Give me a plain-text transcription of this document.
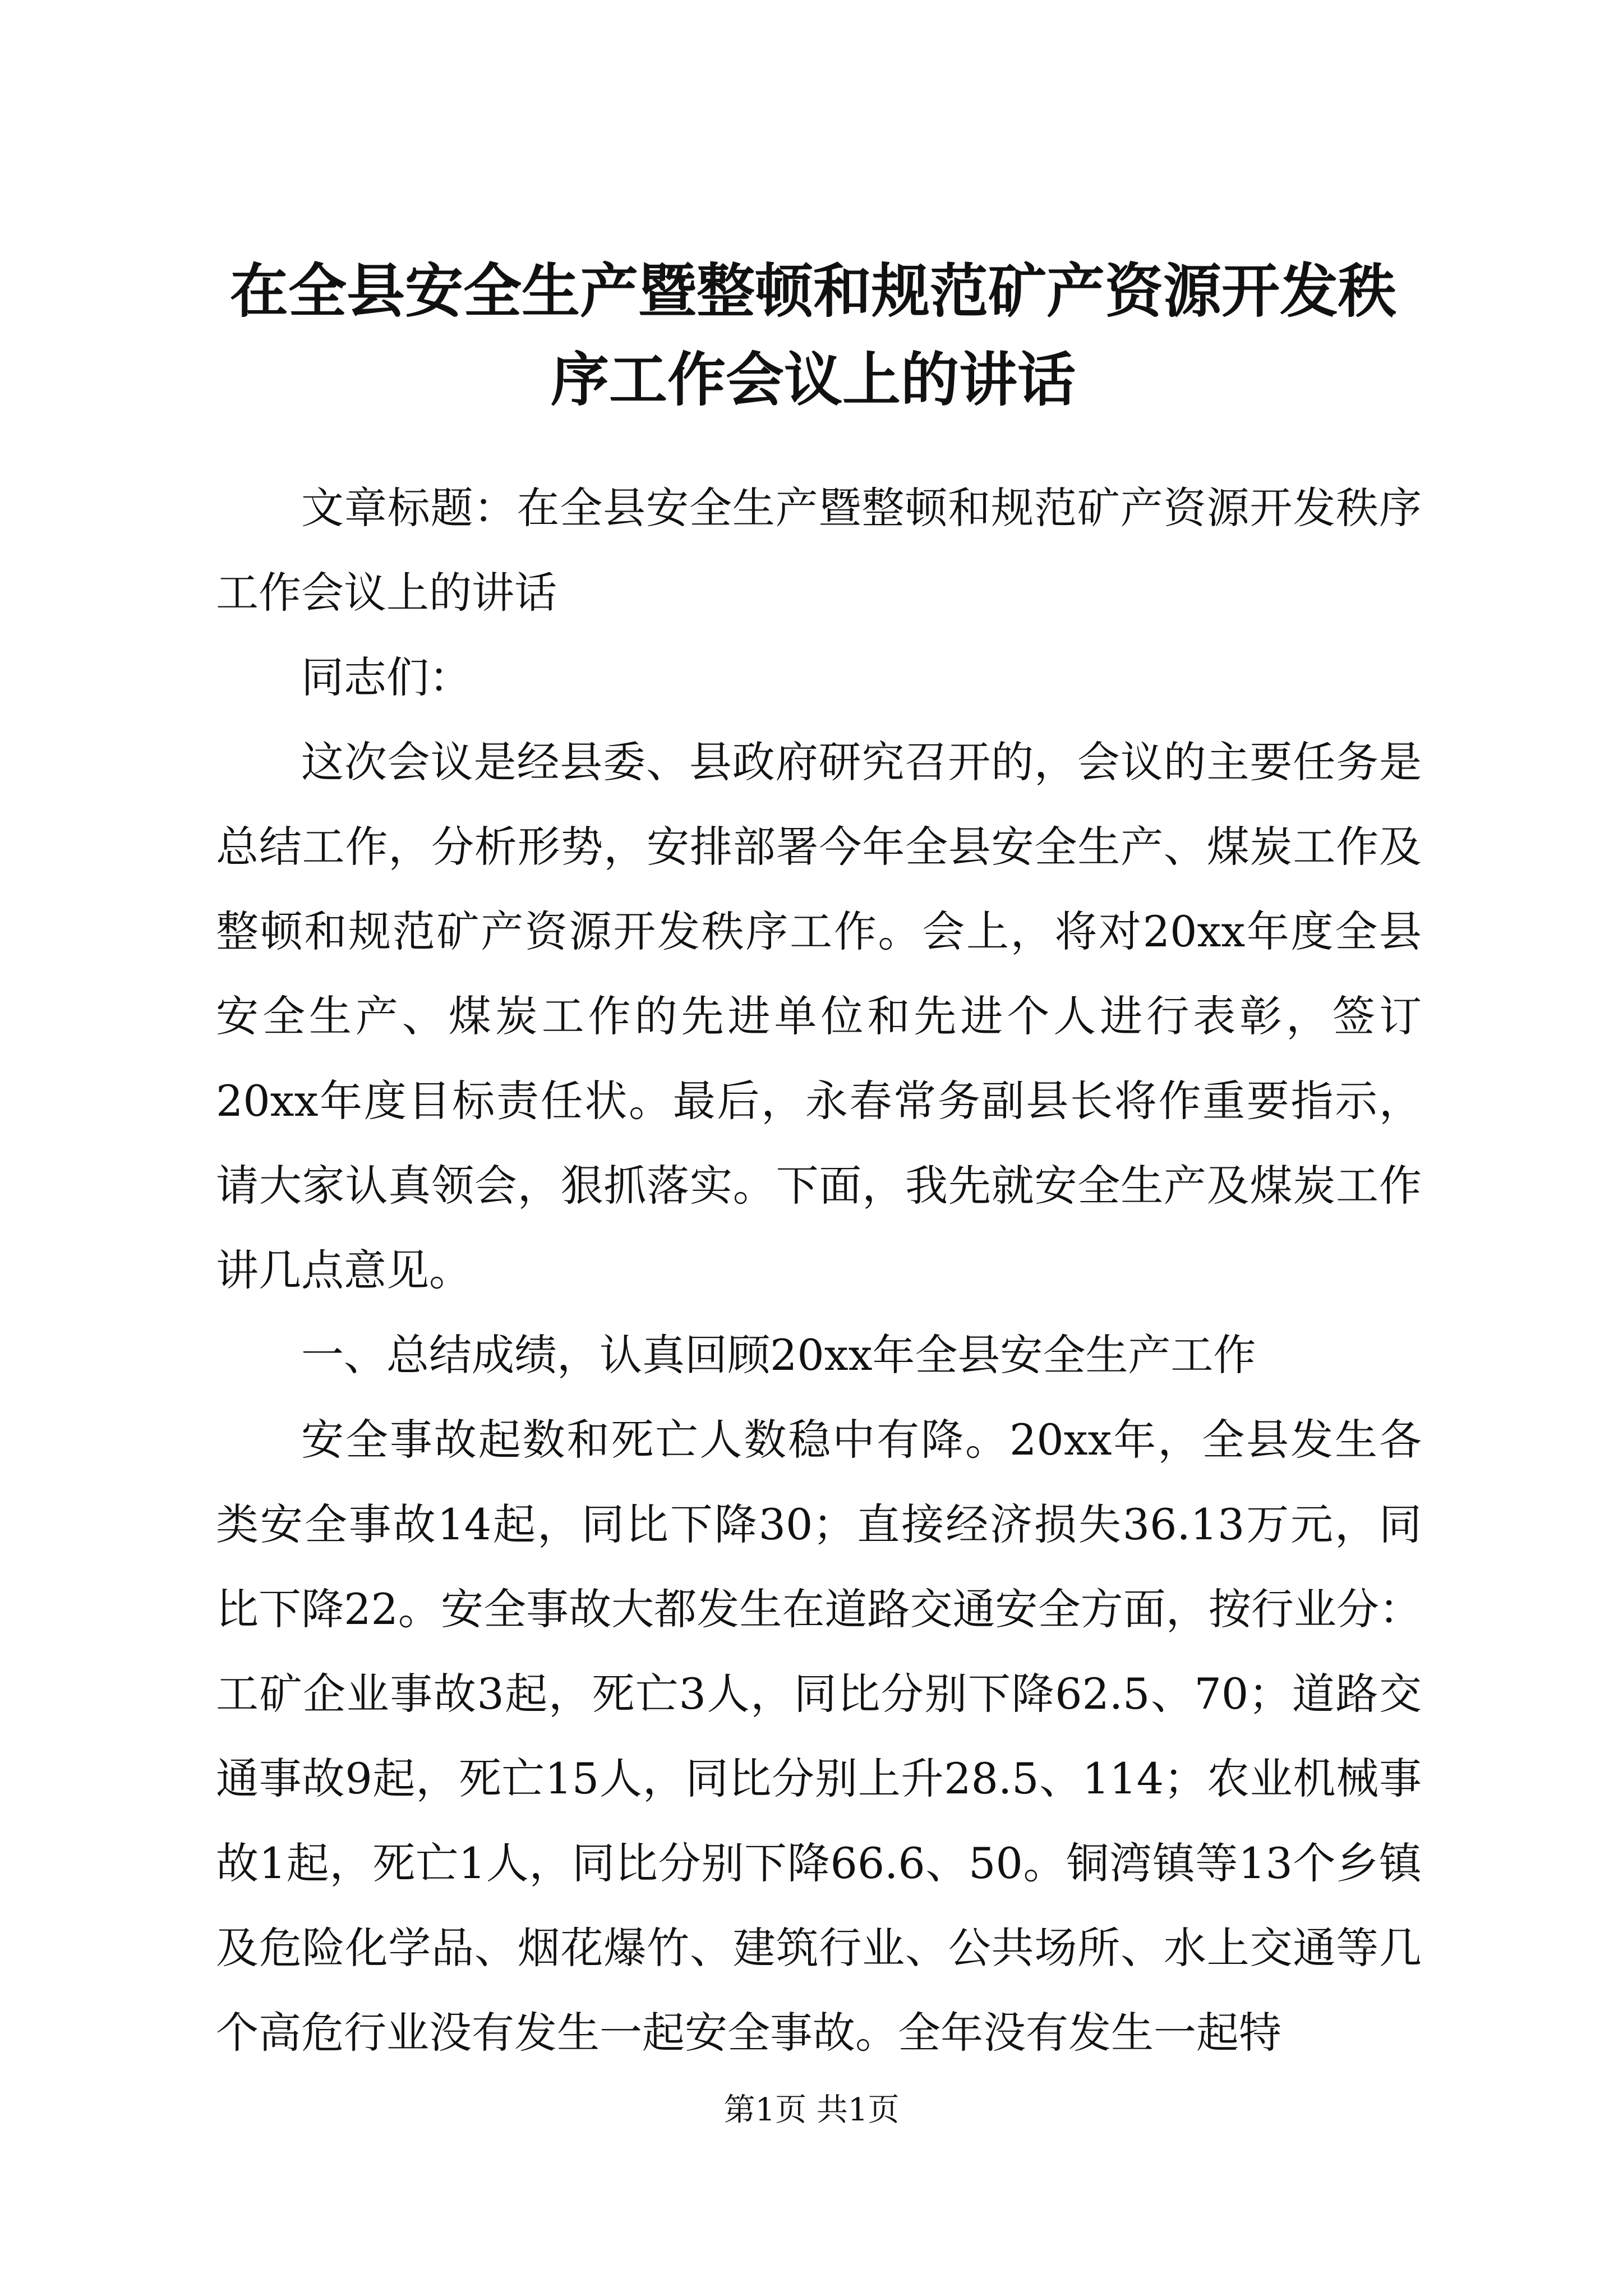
在全县安全生产暨整顿和规范矿产资源开发秩序工作会议上的讲话

文章标题：在全县安全生产暨整顿和规范矿产资源开发秩序工作会议上的讲话

同志们：

这次会议是经县委、县政府研究召开的，会议的主要任务是总结工作，分析形势，安排部署今年全县安全生产、煤炭工作及整顿和规范矿产资源开发秩序工作。会上，将对20xx年度全县安全生产、煤炭工作的先进单位和先进个人进行表彰，签订20xx年度目标责任状。最后，永春常务副县长将作重要指示，请大家认真领会，狠抓落实。下面，我先就安全生产及煤炭工作讲几点意见。

一、总结成绩，认真回顾20xx年全县安全生产工作

安全事故起数和死亡人数稳中有降。20xx年，全县发生各类安全事故14起，同比下降30；直接经济损失36.13万元，同比下降22。安全事故大都发生在道路交通安全方面，按行业分：工矿企业事故3起，死亡3人，同比分别下降62.5、70；道路交通事故9起，死亡15人，同比分别上升28.5、114；农业机械事故1起，死亡1人，同比分别下降66.6、50。铜湾镇等13个乡镇及危险化学品、烟花爆竹、建筑行业、公共场所、水上交通等几个高危行业没有发生一起安全事故。全年没有发生一起特

第1页 共1页
